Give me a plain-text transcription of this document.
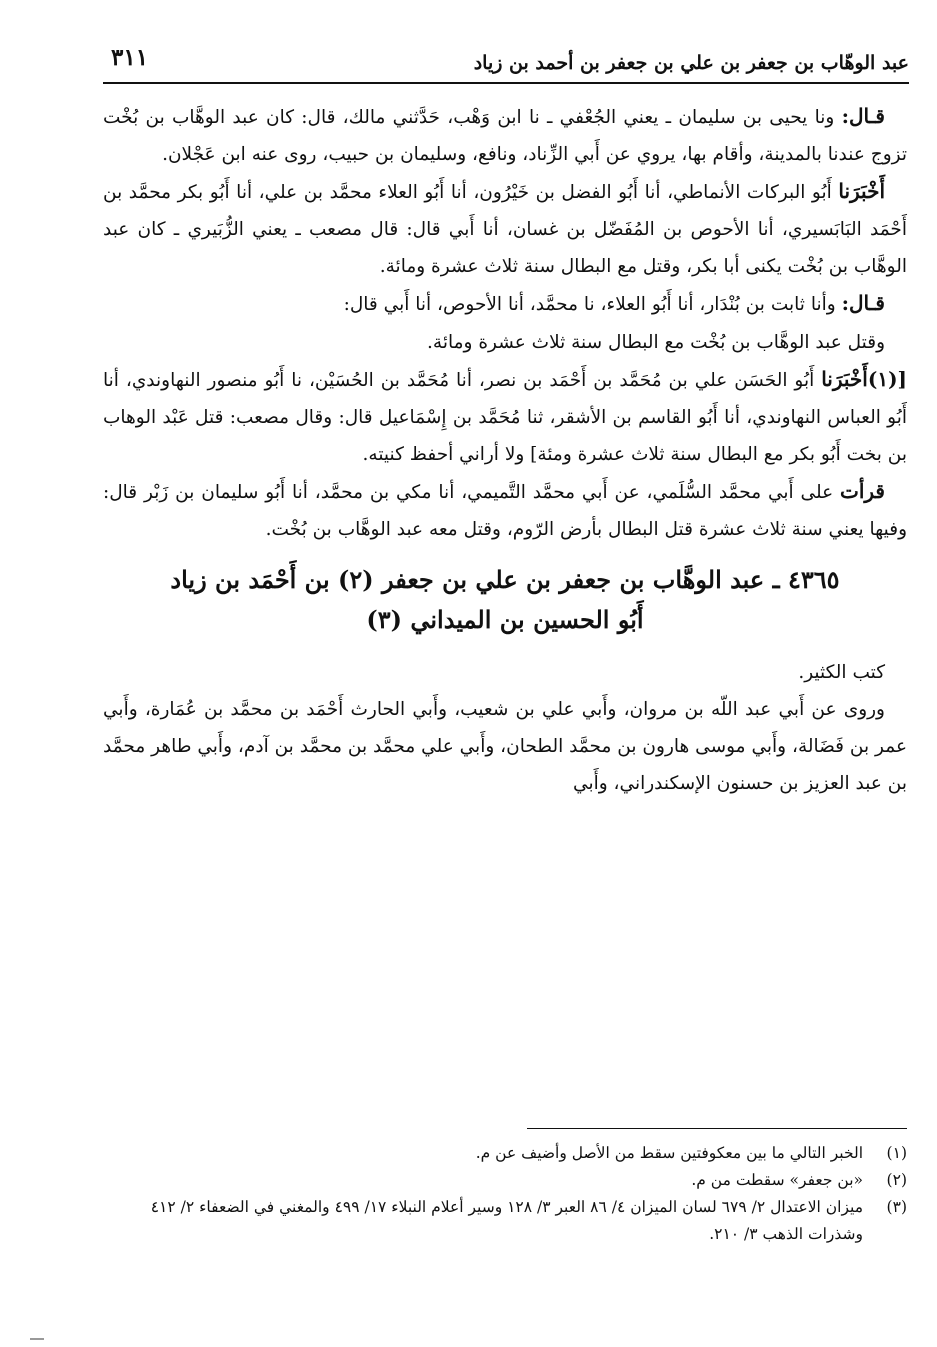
عبد الوهّاب بن جعفر بن علي بن جعفر بن أحمد بن زياد
٣١١

قـال: ونا يحيى بن سليمان ـ يعني الجُعْفي ـ نا ابن وَهْب، حَدَّثني مالك، قال: كان عبد الوهَّاب بن بُخْت تزوج عندنا بالمدينة، وأقام بها، يروي عن أَبي الزِّناد، ونافع، وسليمان بن حبيب، روى عنه ابن عَجْلان.

أَخْبَرَنا أَبُو البركات الأنماطي، أنا أَبُو الفضل بن خَيْرُون، أنا أَبُو العلاء محمَّد بن علي، أنا أَبُو بكر محمَّد بن أَحْمَد البَابَسيري، أنا الأحوص بن المُفَضّل بن غسان، أنا أَبي قال: قال مصعب ـ يعني الزُّبَيري ـ كان عبد الوهَّاب بن بُخْت يكنى أبا بكر، وقتل مع البطال سنة ثلاث عشرة ومائة.

قـال: وأنا ثابت بن بُنْدَار، أنا أَبُو العلاء، نا محمَّد، أنا الأحوص، أنا أَبي قال:

وقتل عبد الوهَّاب بن بُخْت مع البطال سنة ثلاث عشرة ومائة.

[(١)أَخْبَرَنا أَبُو الحَسَن علي بن مُحَمَّد بن أَحْمَد بن نصر، أنا مُحَمَّد بن الحُسَيْن، نا أَبُو منصور النهاوندي، أنا أَبُو العباس النهاوندي، أنا أَبُو القاسم بن الأشقر، ثنا مُحَمَّد بن إِسْمَاعيل قال: وقال مصعب: قتل عَبْد الوهاب بن بخت أَبُو بكر مع البطال سنة ثلاث عشرة ومئة] ولا أراني أحفظ كنيته.

قرأت على أَبي محمَّد السُّلَمي، عن أَبي محمَّد التَّميمي، أنا مكي بن محمَّد، أنا أَبُو سليمان بن زَبْر قال: وفيها يعني سنة ثلاث عشرة قتل البطال بأرض الرّوم، وقتل معه عبد الوهَّاب بن بُخْت.

٤٣٦٥ ـ عبد الوهَّاب بن جعفر بن علي بن جعفر (٢) بن أَحْمَد بن زياد
أَبُو الحسين بن الميداني (٣)

كتب الكثير.

وروى عن أَبي عبد اللّه بن مروان، وأَبي علي بن شعيب، وأَبي الحارث أَحْمَد بن محمَّد بن عُمَارة، وأَبي عمر بن فَضَالة، وأَبي موسى هارون بن محمَّد الطحان، وأَبي علي محمَّد بن محمَّد بن آدم، وأَبي طاهر محمَّد بن عبد العزيز بن حسنون الإسكندراني، وأَبي

(١)
الخبر التالي ما بين معكوفتين سقط من الأصل وأضيف عن م.
(٢)
«بن جعفر» سقطت من م.
(٣)
ميزان الاعتدال ٢/ ٦٧٩ لسان الميزان ٤/ ٨٦ العبر ٣/ ١٢٨ وسير أعلام النبلاء ١٧/ ٤٩٩ والمغني في الضعفاء ٢/ ٤١٢ وشذرات الذهب ٣/ ٢١٠.
